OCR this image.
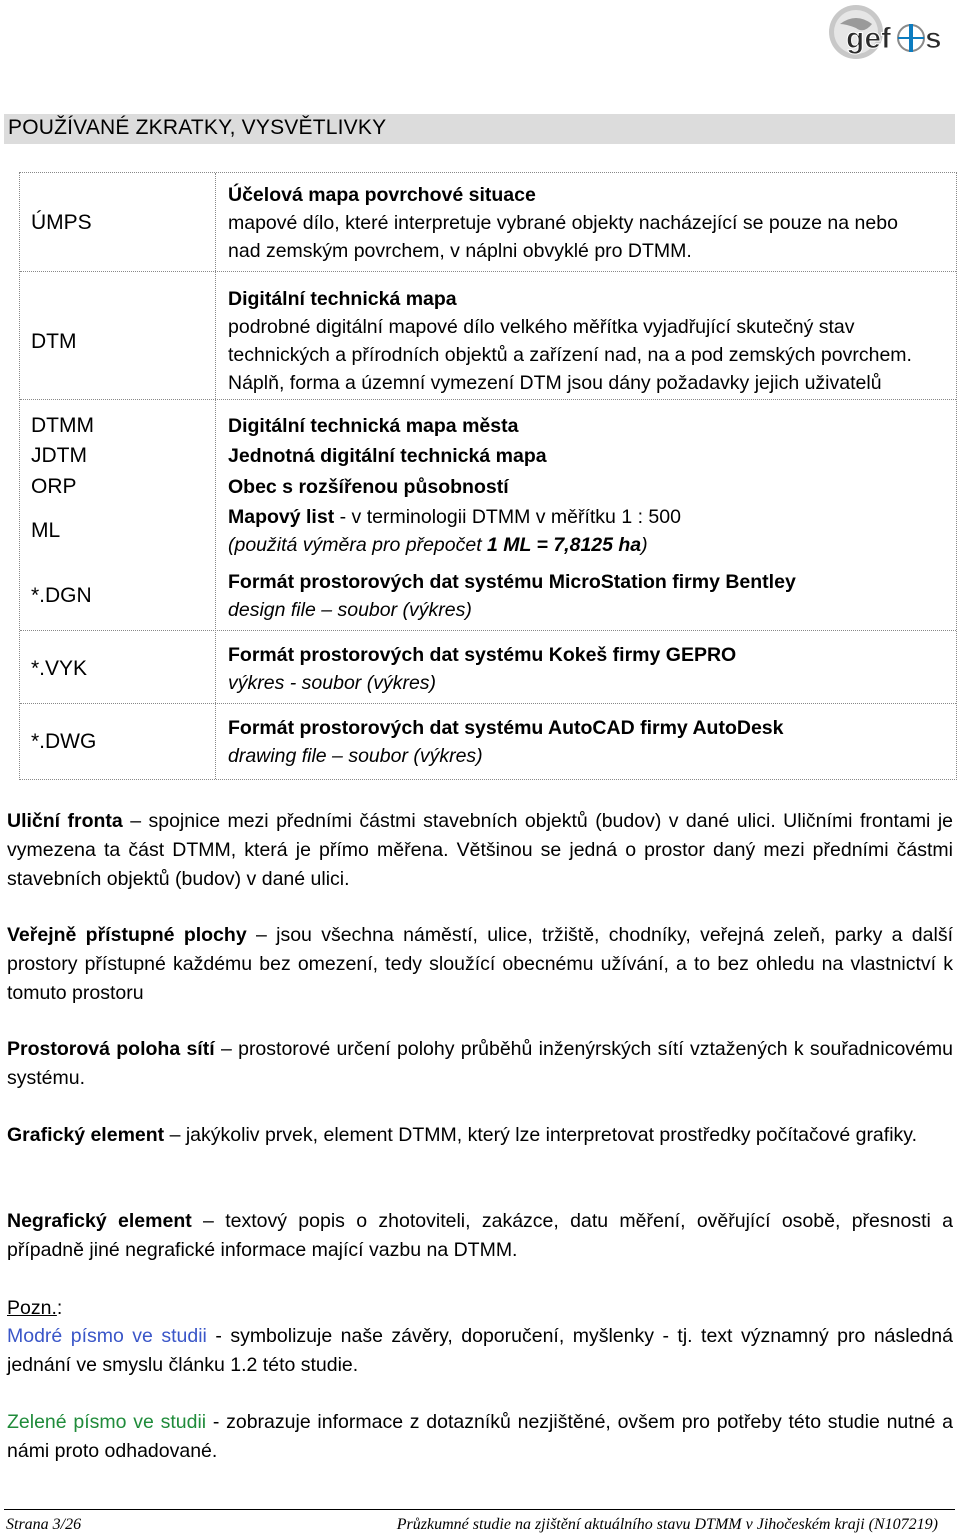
gef s
POUŽÍVANÉ ZKRATKY, VYSVĚTLIVKY
ÚMPS
DTM
DTMM
JDTM
ORP
ML
*.DGN
*.VYK
*.DWG
Účelová mapa povrchové situace
mapové dílo, které interpretuje vybrané objekty nacházející se pouze na nebo
nad zemským povrchem, v náplni obvyklé pro DTMM.
Digitální technická mapa
podrobné digitální mapové dílo velkého měřítka vyjadřující skutečný stav
technických a přírodních objektů a zařízení nad, na a pod zemských povrchem.
Náplň, forma a územní vymezení DTM jsou dány požadavky jejich uživatelů
Digitální technická mapa města
Jednotná digitální technická mapa
Obec s rozšířenou působností
Mapový list - v terminologii DTMM v měřítku 1 : 500
(použitá výměra pro přepočet 1 ML = 7,8125 ha)
Formát prostorových dat systému MicroStation firmy Bentley
design file – soubor (výkres)
Formát prostorových dat systému Kokeš firmy GEPRO
výkres - soubor (výkres)
Formát prostorových dat systému AutoCAD firmy AutoDesk
drawing file – soubor (výkres)
Uliční fronta – spojnice mezi předními částmi stavebních objektů (budov) v dané ulici. Uličními frontami je vymezena ta část DTMM, která je přímo měřena. Většinou se jedná o prostor daný mezi předními částmi stavebních objektů (budov) v dané ulici.
Veřejně přístupné plochy – jsou všechna náměstí, ulice, tržiště, chodníky, veřejná zeleň, parky a další prostory přístupné každému bez omezení, tedy sloužící obecnému užívání, a to bez ohledu na vlastnictví k tomuto prostoru
Prostorová poloha sítí – prostorové určení polohy průběhů inženýrských sítí vztažených k souřadnicovému systému.
Grafický element – jakýkoliv prvek, element DTMM, který lze interpretovat prostředky počítačové grafiky.
Negrafický element – textový popis o zhotoviteli, zakázce, datu měření, ověřující osobě, přesnosti a případně jiné negrafické informace mající vazbu na DTMM.
Pozn.:
Modré písmo ve studii - symbolizuje naše závěry, doporučení, myšlenky - tj. text významný pro následná jednání ve smyslu článku 1.2 této studie.
Zelené písmo ve studii - zobrazuje informace z dotazníků nezjištěné, ovšem pro potřeby této studie nutné a námi proto odhadované.
Strana 3/26	Průzkumné studie na zjištění aktuálního stavu DTMM v Jihočeském kraji (N107219)
